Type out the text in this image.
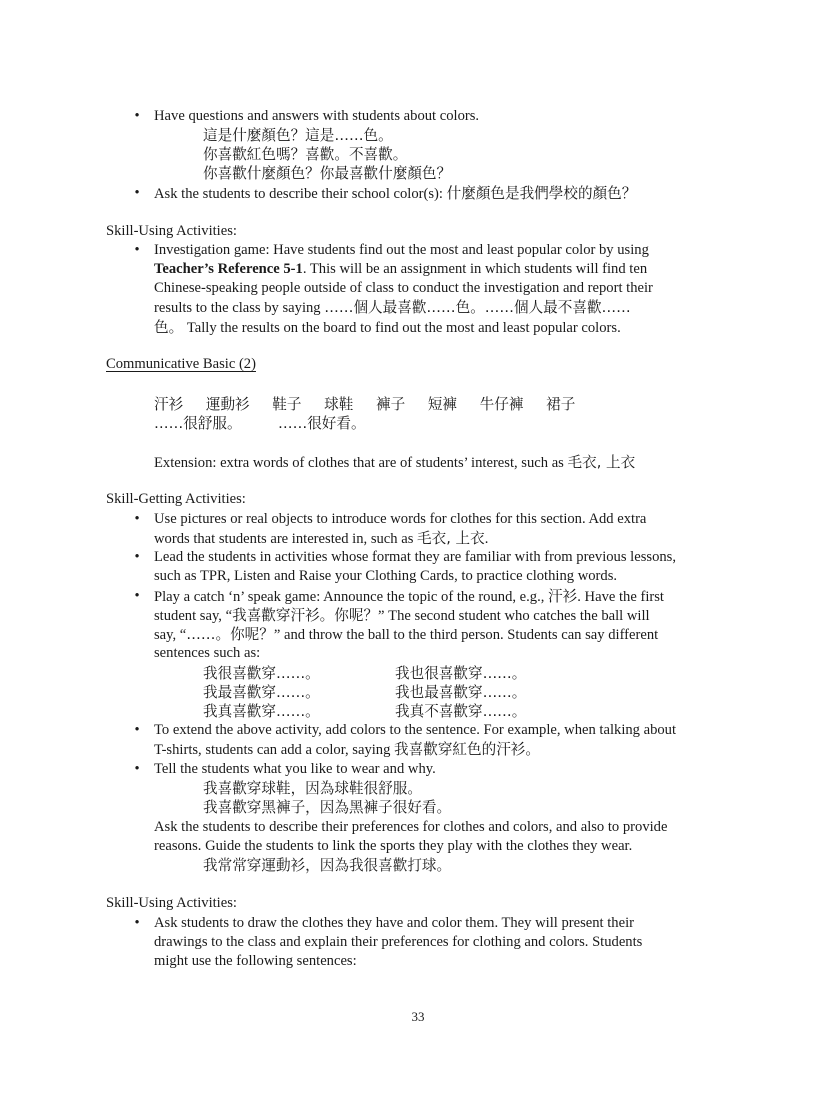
•
Have questions and answers with students about colors.
這是什麼顏色？這是……色。
你喜歡紅色嗎？喜歡。不喜歡。
你喜歡什麼顏色？你最喜歡什麼顏色？
•
Ask the students to describe their school color(s): 什麼顏色是我們學校的顏色？
Skill-Using Activities:
•
Investigation game: Have students find out the most and least popular color by using
Teacher’s Reference 5-1. This will be an assignment in which students will find ten
Chinese-speaking people outside of class to conduct the investigation and report their
results to the class by saying ……個人最喜歡……色。……個人最不喜歡……
色。 Tally the results on the board to find out the most and least popular colors.
Communicative Basic (2)
汗衫 運動衫 鞋子 球鞋 褲子 短褲 牛仔褲 裙子
……很舒服。 ……很好看。
Extension: extra words of clothes that are of students’ interest, such as 毛衣, 上衣
Skill-Getting Activities:
•
Use pictures or real objects to introduce words for clothes for this section. Add extra
words that students are interested in, such as 毛衣, 上衣.
•
Lead the students in activities whose format they are familiar with from previous lessons,
such as TPR, Listen and Raise your Clothing Cards, to practice clothing words.
•
Play a catch ‘n’ speak game: Announce the topic of the round, e.g., 汗衫. Have the first
student say, “我喜歡穿汗衫。你呢？” The second student who catches the ball will
say, “……。你呢？” and throw the ball to the third person. Students can say different
sentences such as:
我很喜歡穿……。	我也很喜歡穿……。
我最喜歡穿……。	我也最喜歡穿……。
我真喜歡穿……。	我真不喜歡穿……。
•
To extend the above activity, add colors to the sentence. For example, when talking about
T-shirts, students can add a color, saying 我喜歡穿紅色的汗衫。
•
Tell the students what you like to wear and why.
我喜歡穿球鞋，因為球鞋很舒服。
我喜歡穿黑褲子，因為黑褲子很好看。
Ask the students to describe their preferences for clothes and colors, and also to provide
reasons. Guide the students to link the sports they play with the clothes they wear.
我常常穿運動衫，因為我很喜歡打球。
Skill-Using Activities:
•
Ask students to draw the clothes they have and color them. They will present their
drawings to the class and explain their preferences for clothing and colors. Students
might use the following sentences:
33
